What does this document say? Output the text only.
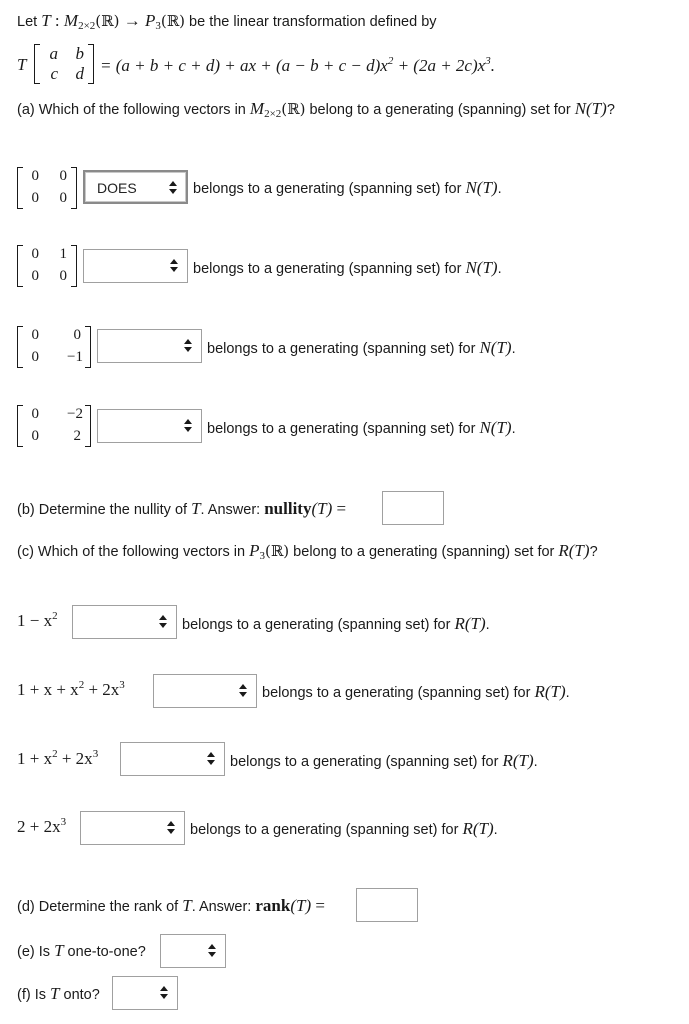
Let T : $M_{2\times 2}(ℝ)$ → $P_3(ℝ)$ be the linear transformation defined by
T
a	b
c	d = (a + b + c + d) + ax + $(a - b + c - d)x^2 + (2a + 2c)x^3$.
(a) Which of the following vectors in $M_{2\times 2}(ℝ)$ belong to a generating (spanning) set for N(T)?
0	0
0	0
DOES	belongs to a generating (spanning set) for N(T).
0	1
0	0	belongs to a generating (spanning set) for N(T).
0	0
0 −1	belongs to a generating (spanning set) for N(T).
0 −2
0	2	belongs to a generating (spanning set) for N(T).
(b) Determine the nullity of T. Answer: nullity(T) =
(c) Which of the following vectors in $P_3(ℝ)$ belong to a generating (spanning) set for R(T)?
$1 - x^2$
belongs to a generating (spanning set) for R(T).
$1 + x + x^2 + 2x^3$	belongs to a generating (spanning set) for R(T).
$1 + x^2 + 2x^3$	belongs to a generating (spanning set) for R(T).
$2 + 2x^3$	belongs to a generating (spanning set) for R(T).
(d) Determine the rank of T. Answer: rank(T) =
(e) Is T one-to-one?
(f) Is T onto?
